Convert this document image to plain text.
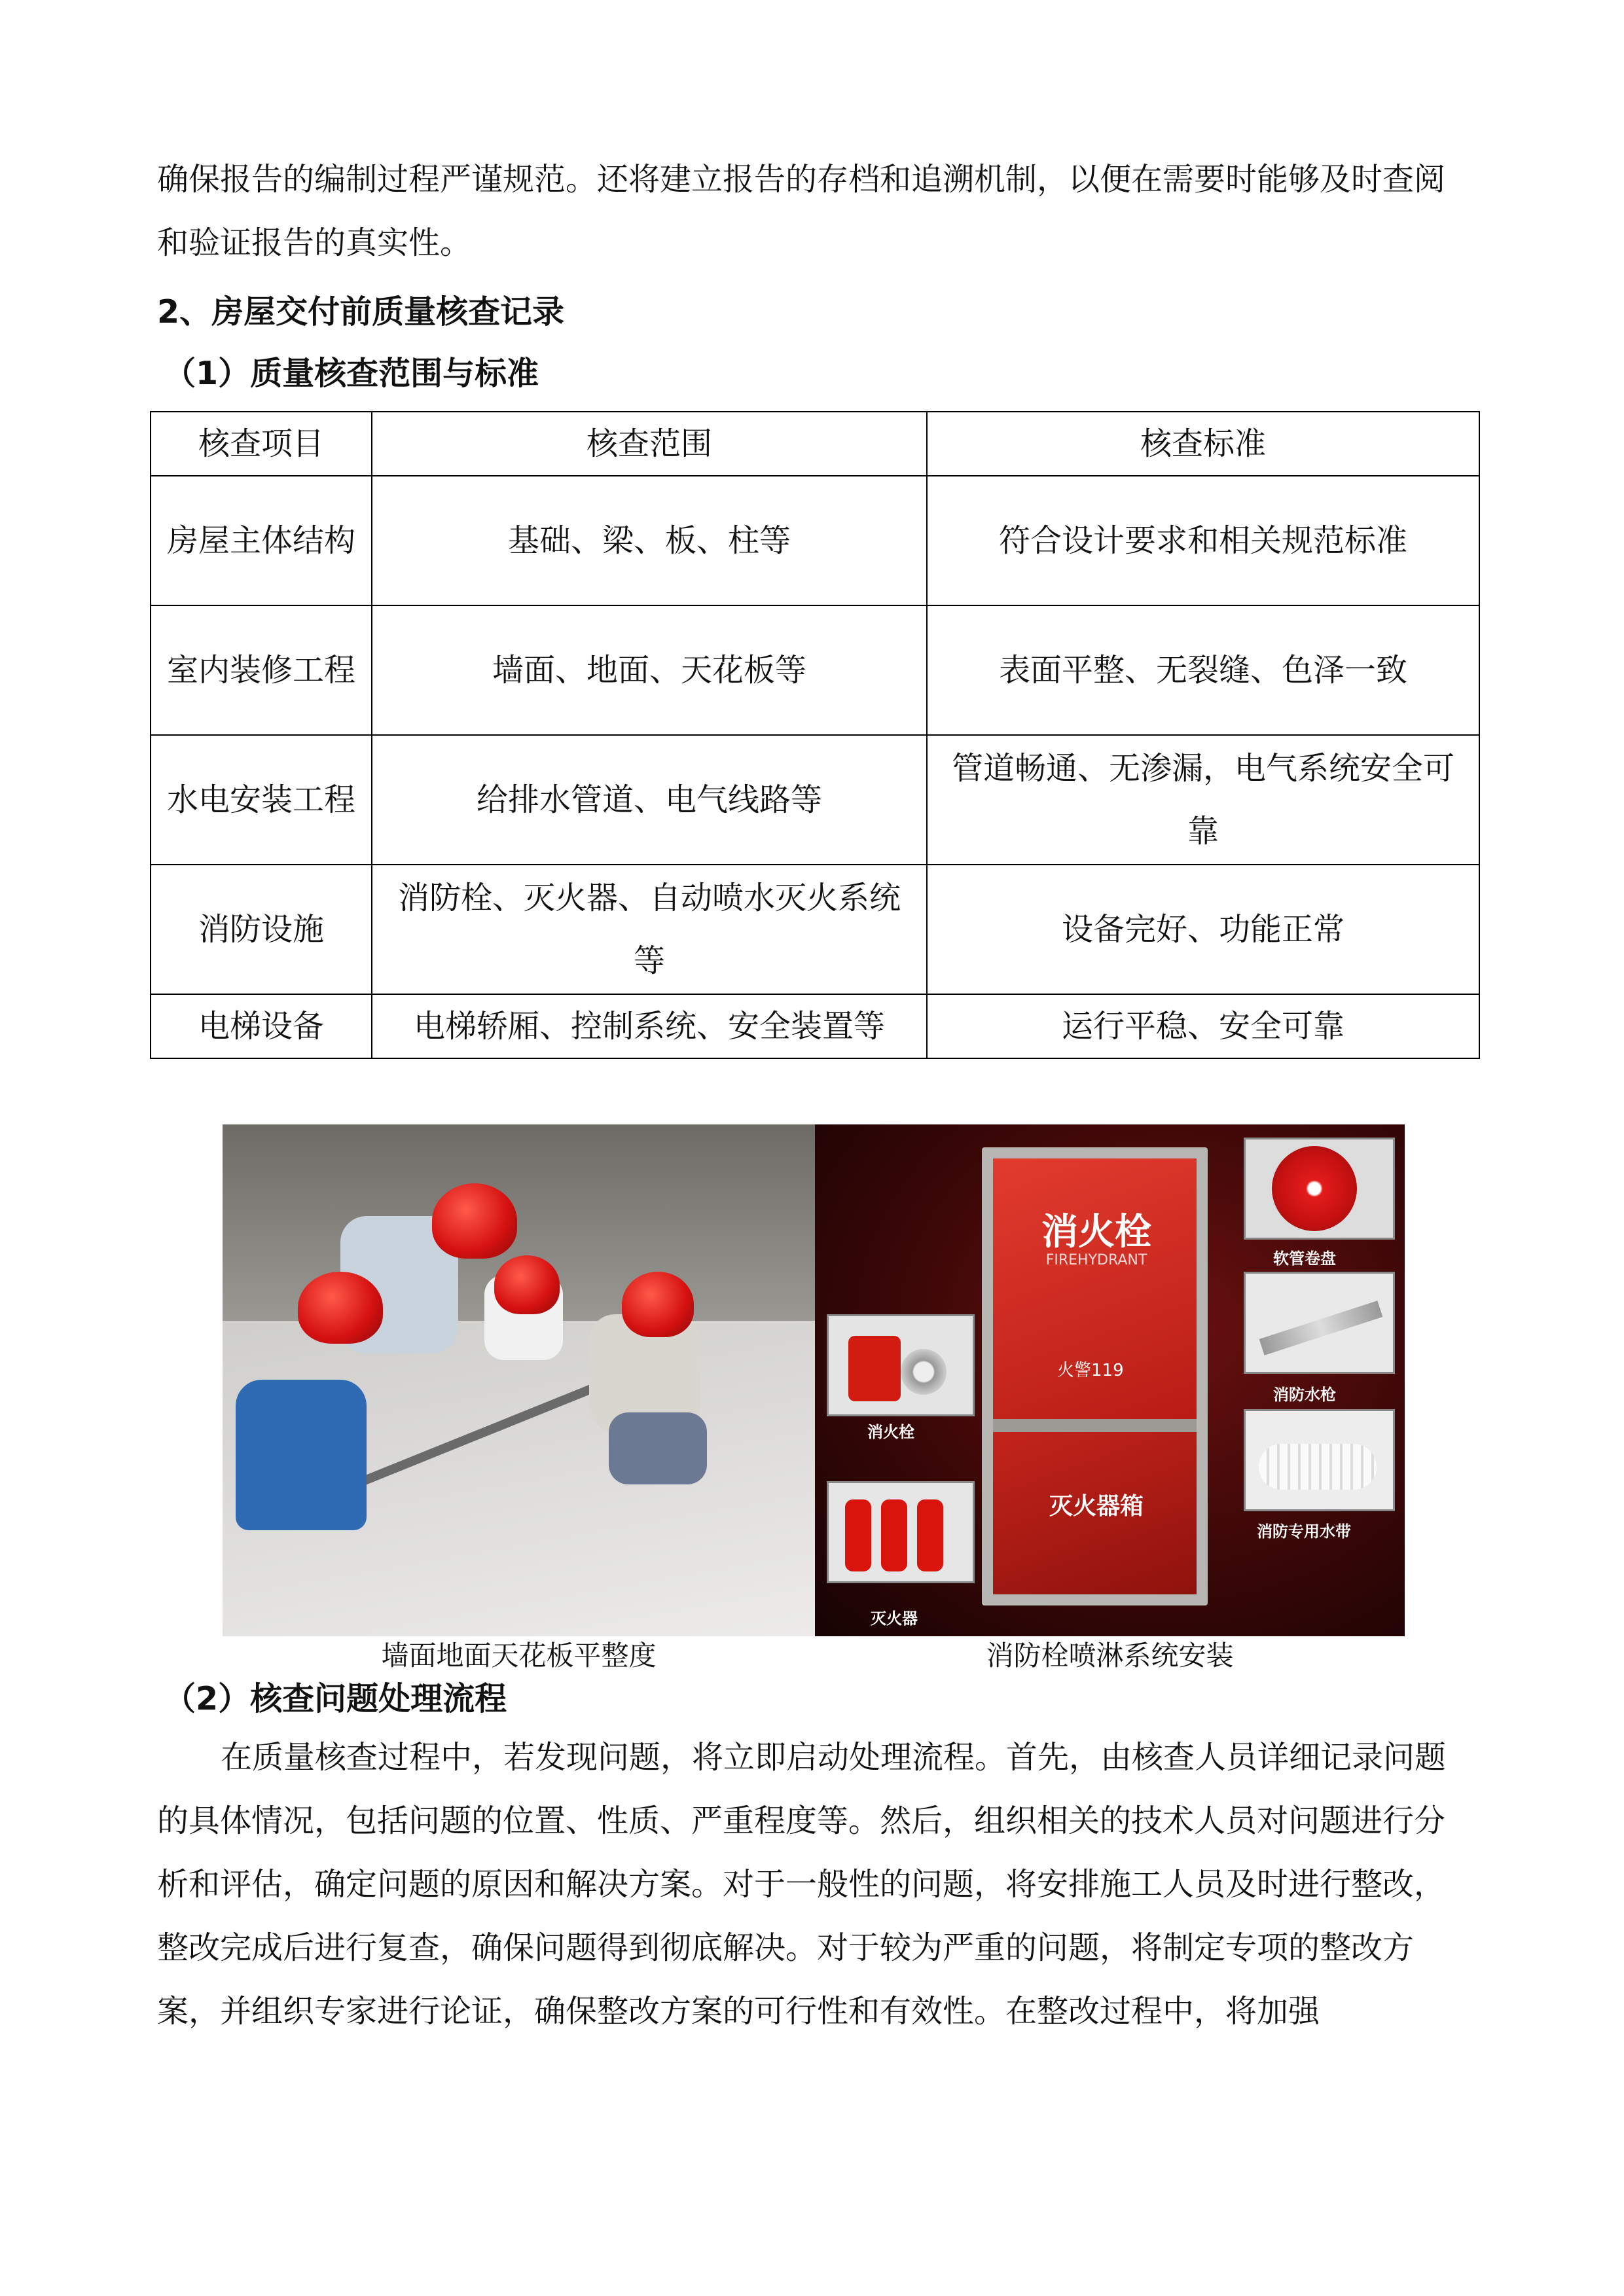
确保报告的编制过程严谨规范。还将建立报告的存档和追溯机制，以便在需要时能够及时查阅和验证报告的真实性。

2、房屋交付前质量核查记录
（1）质量核查范围与标准
核查项目	核查范围	核查标准
房屋主体结构	基础、梁、板、柱等	符合设计要求和相关规范标准
室内装修工程	墙面、地面、天花板等	表面平整、无裂缝、色泽一致
水电安装工程	给排水管道、电气线路等	管道畅通、无渗漏，电气系统安全可靠
消防设施	消防栓、灭火器、自动喷水灭火系统等	设备完好、功能正常
电梯设备	电梯轿厢、控制系统、安全装置等	运行平稳、安全可靠
消火栓
FIREHYDRANT
火警119
灭火器箱
软管卷盘
消防水枪
消火栓
消防专用水带
灭火器
墙面地面天花板平整度	消防栓喷淋系统安装
（2）核查问题处理流程

在质量核查过程中，若发现问题，将立即启动处理流程。首先，由核查人员详细记录问题的具体情况，包括问题的位置、性质、严重程度等。然后，组织相关的技术人员对问题进行分析和评估，确定问题的原因和解决方案。对于一般性的问题，将安排施工人员及时进行整改，整改完成后进行复查，确保问题得到彻底解决。对于较为严重的问题，将制定专项的整改方案，并组织专家进行论证，确保整改方案的可行性和有效性。在整改过程中，将加强
